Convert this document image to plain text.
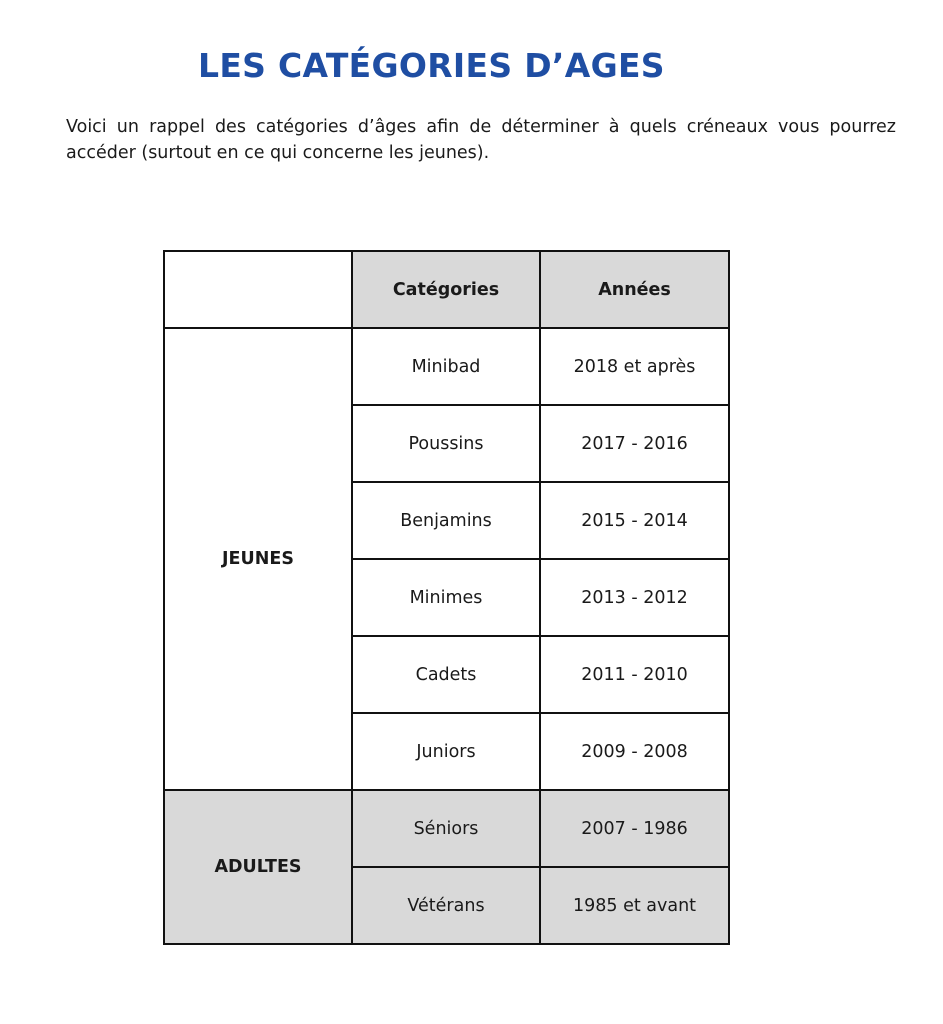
LES CATÉGORIES D’AGES

Voici un rappel des catégories d’âges afin de déterminer à quels créneaux vous pourrez accéder (surtout en ce qui concerne les jeunes).

	Catégories	Années
JEUNES	Minibad	2018 et après
	Poussins	2017 - 2016
	Benjamins	2015 - 2014
	Minimes	2013 - 2012
	Cadets	2011 - 2010
	Juniors	2009 - 2008
ADULTES	Séniors	2007 - 1986
	Vétérans	1985 et avant
